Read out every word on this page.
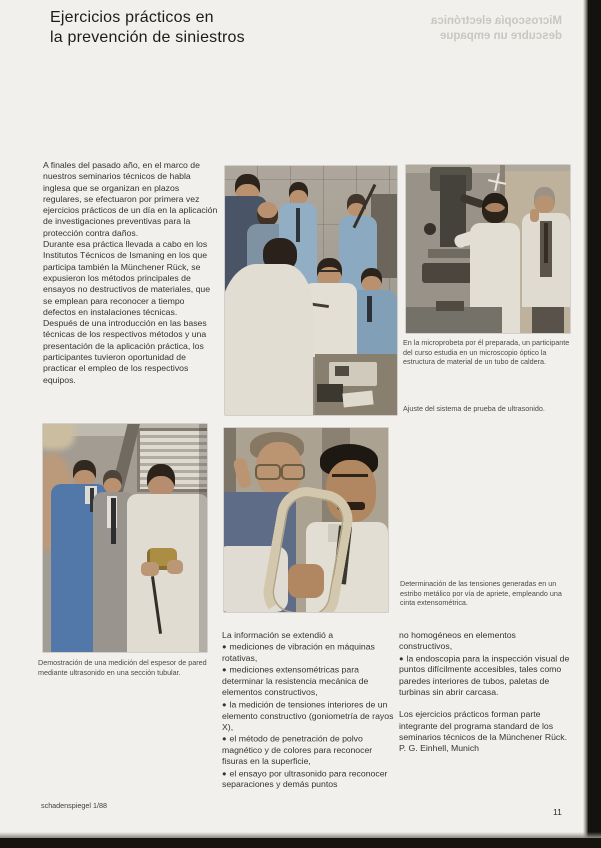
Ejercicios prácticos en
la prevención de siniestros
Microscopía electrónica
descubre un empaque

A finales del pasado año, en el marco de nuestros seminarios técnicos de habla inglesa que se organizan en plazos regulares, se efectuaron por primera vez ejercicios prácticos de un día en la aplicación de investigaciones preventivas para la protección contra daños.

Durante esa práctica llevada a cabo en los Institutos Técnicos de Ismaning en los que participa también la Münchener Rück, se expusieron los métodos principales de ensayos no destructivos de materiales, que se emplean para reconocer a tiempo defectos en instalaciones técnicas.

Después de una introducción en las bases técnicas de los respectivos métodos y una presentación de la aplicación práctica, los participantes tuvieron oportunidad de practicar el empleo de los respectivos equipos.

En la microprobeta por él preparada, un participante del curso estudia en un microscopio óptico la estructura de material de un tubo de caldera.
Ajuste del sistema de prueba de ultrasonido.
Determinación de las tensiones generadas en un estribo metálico por vía de apriete, empleando una cinta extensométrica.
Demostración de una medición del espesor de pared mediante ultrasonido en una sección tubular.

La información se extendió a

● mediciones de vibración en máquinas rotativas,

● mediciones extensométricas para determinar la resistencia mecánica de elementos constructivos,

● la medición de tensiones interiores de un elemento constructivo (goniometría de rayos X),

● el método de penetración de polvo magnético y de colores para reconocer fisuras en la superficie,

● el ensayo por ultrasonido para reconocer separaciones y demás puntos

no homogéneos en elementos constructivos,

● la endoscopia para la inspección visual de puntos difícilmente accesibles, tales como paredes interiores de tubos, paletas de turbinas sin abrir carcasa.

Los ejercicios prácticos forman parte integrante del programa standard de los seminarios técnicos de la Münchener Rück.

P. G. Einhell, Munich

schadenspiegel 1/88
11
